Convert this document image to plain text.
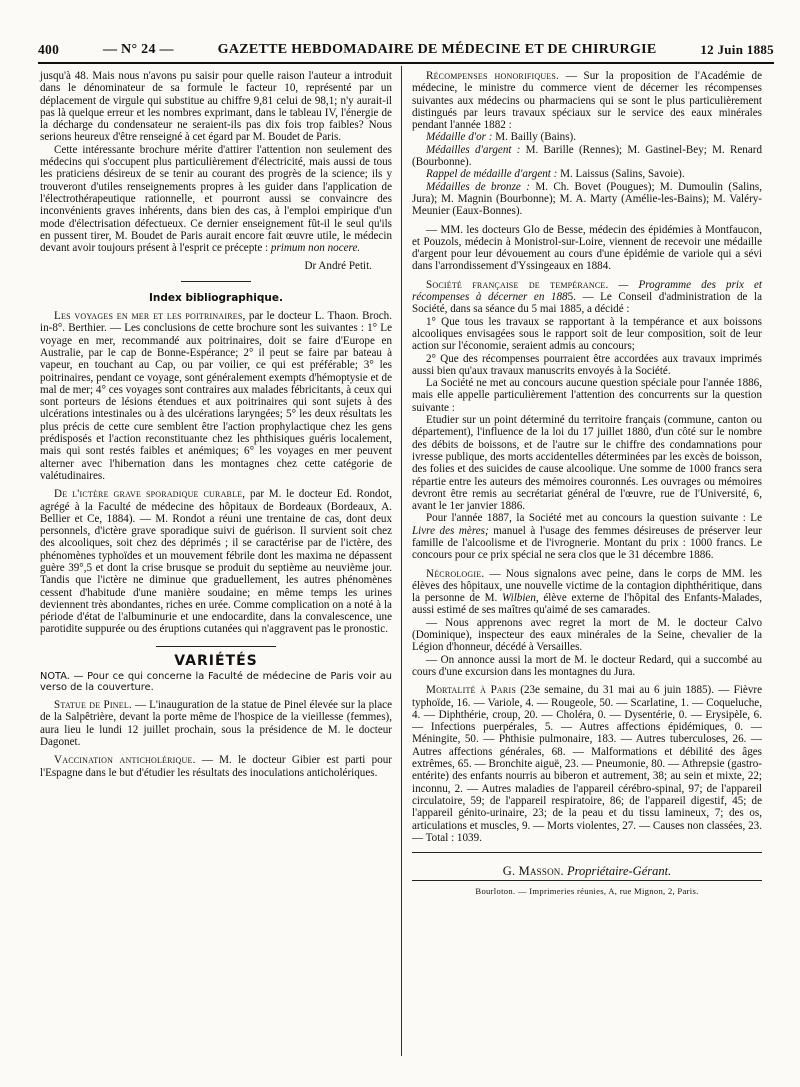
400	— N° 24 —	GAZETTE HEBDOMADAIRE DE MÉDECINE ET DE CHIRURGIE	12 Juin 1885

jusqu'à 48. Mais nous n'avons pu saisir pour quelle raison l'auteur a introduit dans le dénominateur de sa formule le facteur 10, représenté par un déplacement de virgule qui substitue au chiffre 9,81 celui de 98,1; n'y aurait-il pas là quelque erreur et les nombres exprimant, dans le tableau IV, l'énergie de la décharge du condensateur ne seraient-ils pas dix fois trop faibles? Nous serions heureux d'être renseigné à cet égard par M. Boudet de Paris.

Cette intéressante brochure mérite d'attirer l'attention non seulement des médecins qui s'occupent plus particulièrement d'électricité, mais aussi de tous les praticiens désireux de se tenir au courant des progrès de la science; ils y trouveront d'utiles renseignements propres à les guider dans l'application de l'électrothérapeutique rationnelle, et pourront aussi se convaincre des inconvénients graves inhérents, dans bien des cas, à l'emploi empirique d'un mode d'électrisation défectueux. Ce dernier enseignement fût-il le seul qu'ils en pussent tirer, M. Boudet de Paris aurait encore fait œuvre utile, le médecin devant avoir toujours présent à l'esprit ce précepte : primum non nocere.

Dr André Petit.

Index bibliographique.

Les voyages en mer et les poitrinaires, par le docteur L. Thaon. Broch. in-8°. Berthier. — Les conclusions de cette brochure sont les suivantes : 1° Le voyage en mer, recommandé aux poitrinaires, doit se faire d'Europe en Australie, par le cap de Bonne-Espérance; 2° il peut se faire par bateau à vapeur, en touchant au Cap, ou par voilier, ce qui est préférable; 3° les poitrinaires, pendant ce voyage, sont généralement exempts d'hémoptysie et de mal de mer; 4° ces voyages sont contraires aux malades fébricitants, à ceux qui sont porteurs de lésions étendues et aux poitrinaires qui sont sujets à des ulcérations intestinales ou à des ulcérations laryngées; 5° les deux résultats les plus précis de cette cure semblent être l'action prophylactique chez les gens prédisposés et l'action reconstituante chez les phthisiques guéris localement, mais qui sont restés faibles et anémiques; 6° les voyages en mer peuvent alterner avec l'hibernation dans les montagnes chez cette catégorie de valétudinaires.

De l'ictère grave sporadique curable, par M. le docteur Ed. Rondot, agrégé à la Faculté de médecine des hôpitaux de Bordeaux (Bordeaux, A. Bellier et Ce, 1884). — M. Rondot a réuni une trentaine de cas, dont deux personnels, d'ictère grave sporadique suivi de guérison. Il survient soit chez des alcooliques, soit chez des déprimés ; il se caractérise par de l'ictère, des phénomènes typhoïdes et un mouvement fébrile dont les maxima ne dépassent guère 39°,5 et dont la crise brusque se produit du septième au neuvième jour. Tandis que l'ictère ne diminue que graduellement, les autres phénomènes cessent d'habitude d'une manière soudaine; en même temps les urines deviennent très abondantes, riches en urée. Comme complication on a noté à la période d'état de l'albuminurie et une endocardite, dans la convalescence, une parotidite suppurée ou des éruptions cutanées qui n'aggravent pas le pronostic.

VARIÉTÉS

NOTA. — Pour ce qui concerne la Faculté de médecine de Paris voir au verso de la couverture.

Statue de Pinel. — L'inauguration de la statue de Pinel élevée sur la place de la Salpêtrière, devant la porte même de l'hospice de la vieillesse (femmes), aura lieu le lundi 12 juillet prochain, sous la présidence de M. le docteur Dagonet.

Vaccination anticholérique. — M. le docteur Gibier est parti pour l'Espagne dans le but d'étudier les résultats des inoculations anticholériques.

Récompenses honorifiques. — Sur la proposition de l'Académie de médecine, le ministre du commerce vient de décerner les récompenses suivantes aux médecins ou pharmaciens qui se sont le plus particulièrement distingués par leurs travaux spéciaux sur le service des eaux minérales pendant l'année 1882 :

Médaille d'or : M. Bailly (Bains).

Médailles d'argent : M. Barille (Rennes); M. Gastinel-Bey; M. Renard (Bourbonne).

Rappel de médaille d'argent : M. Laissus (Salins, Savoie).

Médailles de bronze : M. Ch. Bovet (Pougues); M. Dumoulin (Salins, Jura); M. Magnin (Bourbonne); M. A. Marty (Amélie-les-Bains); M. Valéry-Meunier (Eaux-Bonnes).

— MM. les docteurs Glo de Besse, médecin des épidémies à Montfaucon, et Pouzols, médecin à Monistrol-sur-Loire, viennent de recevoir une médaille d'argent pour leur dévouement au cours d'une épidémie de variole qui a sévi dans l'arrondissement d'Yssingeaux en 1884.

Société française de tempérance. — Programme des prix et récompenses à décerner en 1885. — Le Conseil d'administration de la Société, dans sa séance du 5 mai 1885, a décidé :

1° Que tous les travaux se rapportant à la tempérance et aux boissons alcooliques envisagées sous le rapport soit de leur composition, soit de leur action sur l'économie, seraient admis au concours;

2° Que des récompenses pourraient être accordées aux travaux imprimés aussi bien qu'aux travaux manuscrits envoyés à la Société.

La Société ne met au concours aucune question spéciale pour l'année 1886, mais elle appelle particulièrement l'attention des concurrents sur la question suivante :

Etudier sur un point déterminé du territoire français (commune, canton ou département), l'influence de la loi du 17 juillet 1880, d'un côté sur le nombre des débits de boissons, et de l'autre sur le chiffre des condamnations pour ivresse publique, des morts accidentelles déterminées par les excès de boisson, des folies et des suicides de cause alcoolique. Une somme de 1000 francs sera répartie entre les auteurs des mémoires couronnés. Les ouvrages ou mémoires devront être remis au secrétariat général de l'œuvre, rue de l'Université, 6, avant le 1er janvier 1886.

Pour l'année 1887, la Société met au concours la question suivante : Le Livre des mères; manuel à l'usage des femmes désireuses de préserver leur famille de l'alcoolisme et de l'ivrognerie. Montant du prix : 1000 francs. Le concours pour ce prix spécial ne sera clos que le 31 décembre 1886.

Nécrologie. — Nous signalons avec peine, dans le corps de MM. les élèves des hôpitaux, une nouvelle victime de la contagion diphthéritique, dans la personne de M. Wilbien, élève externe de l'hôpital des Enfants-Malades, aussi estimé de ses maîtres qu'aimé de ses camarades.

— Nous apprenons avec regret la mort de M. le docteur Calvo (Dominique), inspecteur des eaux minérales de la Seine, chevalier de la Légion d'honneur, décédé à Versailles.

— On annonce aussi la mort de M. le docteur Redard, qui a succombé au cours d'une excursion dans les montagnes du Jura.

Mortalité à Paris (23e semaine, du 31 mai au 6 juin 1885). — Fièvre typhoïde, 16. — Variole, 4. — Rougeole, 50. — Scarlatine, 1. — Coqueluche, 4. — Diphthérie, croup, 20. — Choléra, 0. — Dysentérie, 0. — Erysipèle, 6. — Infections puerpérales, 5. — Autres affections épidémiques, 0. — Méningite, 50. — Phthisie pulmonaire, 183. — Autres tuberculoses, 26. — Autres affections générales, 68. — Malformations et débilité des âges extrêmes, 65. — Bronchite aiguë, 23. — Pneumonie, 80. — Athrepsie (gastro-entérite) des enfants nourris au biberon et autrement, 38; au sein et mixte, 22; inconnu, 2. — Autres maladies de l'appareil cérébro-spinal, 97; de l'appareil circulatoire, 59; de l'appareil respiratoire, 86; de l'appareil digestif, 45; de l'appareil génito-urinaire, 23; de la peau et du tissu lamineux, 7; des os, articulations et muscles, 9. — Morts violentes, 27. — Causes non classées, 23. — Total : 1039.

G. Masson. Propriétaire-Gérant.

Bourloton. — Imprimeries réunies, A, rue Mignon, 2, Paris.
